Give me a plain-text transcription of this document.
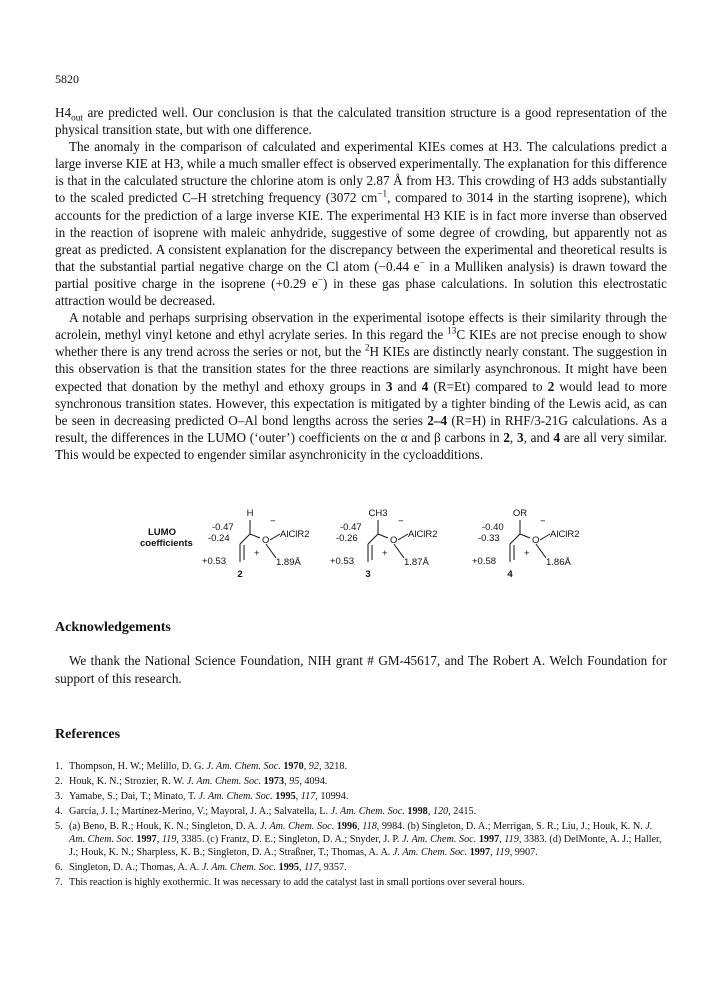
5820

$H4_{out}$ are predicted well. Our conclusion is that the calculated transition structure is a good representation of the physical transition state, but with one difference.

The anomaly in the comparison of calculated and experimental KIEs comes at H3. The calculations predict a large inverse KIE at H3, while a much smaller effect is observed experimentally. The explanation for this difference is that in the calculated structure the chlorine atom is only 2.87 Å from H3. This crowding of H3 adds substantially to the scaled predicted C–H stretching frequency (3072 $cm^{-1}$, compared to 3014 in the starting isoprene), which accounts for the prediction of a large inverse KIE. The experimental H3 KIE is in fact more inverse than observed in the reaction of isoprene with maleic anhydride, suggestive of some degree of crowding, but apparently not as great as predicted. A consistent explanation for the discrepancy between the experimental and theoretical results is that the substantial partial negative charge on the Cl atom (−0.44 e− in a Mulliken analysis) is drawn toward the partial positive charge in the isoprene (+0.29 e−) in these gas phase calculations. In solution this electrostatic attraction would be decreased.

A notable and perhaps surprising observation in the experimental isotope effects is their similarity through the acrolein, methyl vinyl ketone and ethyl acrylate series. In this regard the $^{13}$C KIEs are not precise enough to show whether there is any trend across the series or not, but the $^2$H KIEs are distinctly nearly constant. The suggestion in this observation is that the transition states for the three reactions are similarly asynchronous. It might have been expected that donation by the methyl and ethoxy groups in 3 and 4 (R=Et) compared to 2 would lead to more synchronous transition states. However, this expectation is mitigated by a tighter binding of the Lewis acid, as can be seen in decreasing predicted O–Al bond lengths across the series 2–4 (R=H) in RHF/3-21G calculations. As a result, the differences in the LUMO (‘outer’) coefficients on the α and β carbons in 2, 3, and 4 are all very similar. This would be expected to engender similar asynchronicity in the cycloadditions.

LUMO
coefficients
H
−
-0.47
-0.24	O
AlClR2
+
+0.53	1.89Å
2
CH3
−
-0.47
-0.26	O
AlClR2
+
+0.53	1.87Å
3
OR
−
-0.40
-0.33	O
AlClR2
+
+0.58	1.86Å
4
Acknowledgements
We thank the National Science Foundation, NIH grant # GM-45617, and The Robert A. Welch Foundation for support of this research.
References
1. Thompson, H. W.; Melillo, D. G. J. Am. Chem. Soc. 1970, 92, 3218.
2. Houk, K. N.; Strozier, R. W. J. Am. Chem. Soc. 1973, 95, 4094.
3. Yamabe, S.; Dai, T.; Minato, T. J. Am. Chem. Soc. 1995, 117, 10994.
4. García, J. I.; Martínez-Merino, V.; Mayoral, J. A.; Salvatella, L. J. Am. Chem. Soc. 1998, 120, 2415.
5. (a) Beno, B. R.; Houk, K. N.; Singleton, D. A. J. Am. Chem. Soc. 1996, 118, 9984. (b) Singleton, D. A.; Merrigan, S. R.; Liu, J.; Houk, K. N. J. Am. Chem. Soc. 1997, 119, 3385. (c) Frantz, D. E.; Singleton, D. A.; Snyder, J. P. J. Am. Chem. Soc. 1997, 119, 3383. (d) DelMonte, A. J.; Haller, J.; Houk, K. N.; Sharpless, K. B.; Singleton, D. A.; Straßner, T.; Thomas, A. A. J. Am. Chem. Soc. 1997, 119, 9907.
6. Singleton, D. A.; Thomas, A. A. J. Am. Chem. Soc. 1995, 117, 9357.
7. This reaction is highly exothermic. It was necessary to add the catalyst last in small portions over several hours.
